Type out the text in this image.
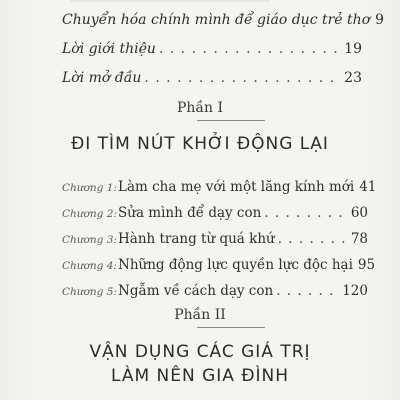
Chuyển hóa chính mình để giáo dục trẻ thơ 9
Lời giới thiệu . . .	19
Lời mở đầu . . .	23
Phần I
ĐI TÌM NÚT KHỞI ĐỘNG LẠI
Chương 1: Làm cha mẹ với một lăng kính mới 41
Chương 2: Sửa mình để dạy con . . .	60
Chương 3: Hành trang từ quá khứ . . .	78
Chương 4: Những động lực quyền lực độc hại 95
Chương 5: Ngẫm về cách dạy con . . .	120
Phần II
VẬN DỤNG CÁC GIÁ TRỊ
LÀM NÊN GIA ĐÌNH
